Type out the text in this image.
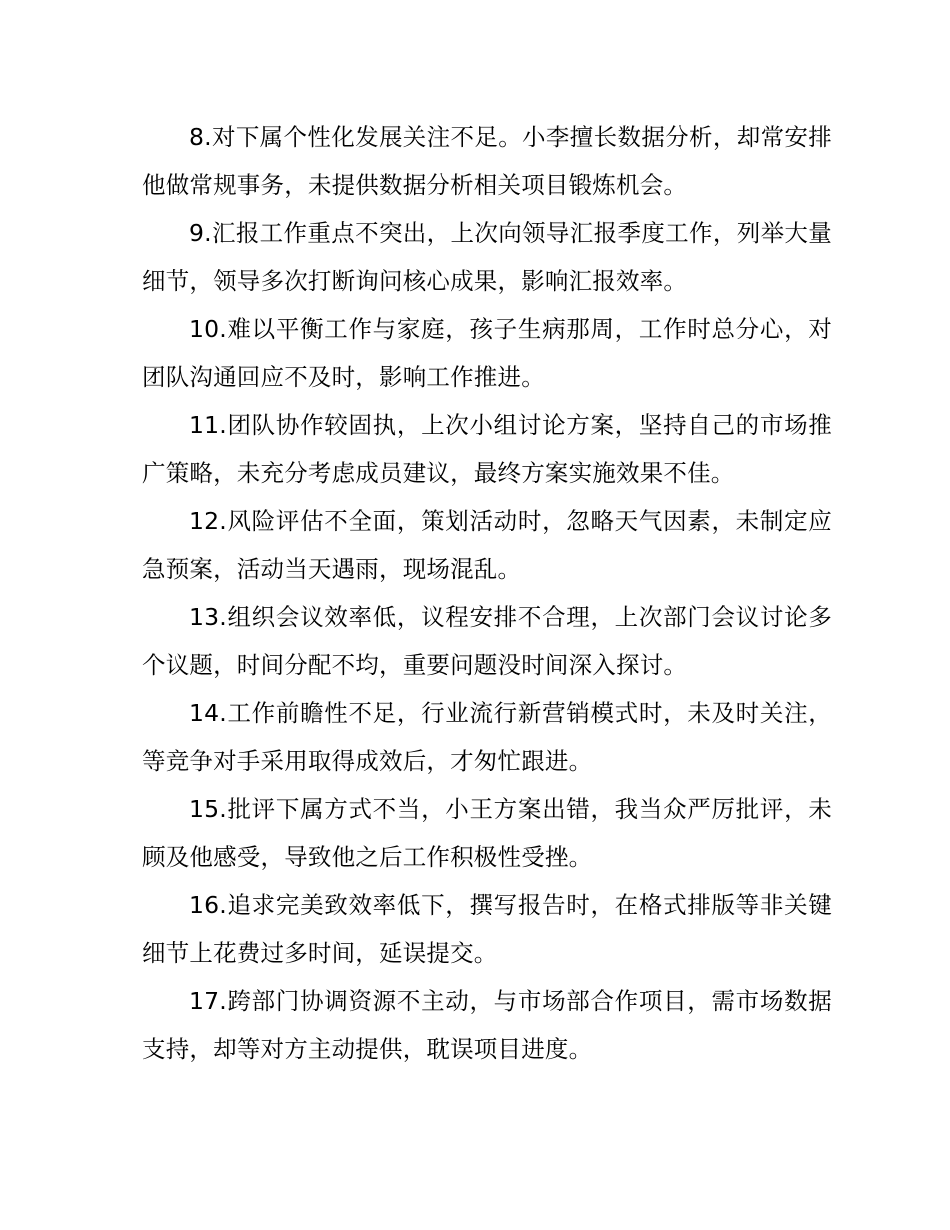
8.对下属个性化发展关注不足。小李擅长数据分析，却常安排他做常规事务，未提供数据分析相关项目锻炼机会。

9.汇报工作重点不突出，上次向领导汇报季度工作，列举大量细节，领导多次打断询问核心成果，影响汇报效率。

10.难以平衡工作与家庭，孩子生病那周，工作时总分心，对团队沟通回应不及时，影响工作推进。

11.团队协作较固执，上次小组讨论方案，坚持自己的市场推广策略，未充分考虑成员建议，最终方案实施效果不佳。

12.风险评估不全面，策划活动时，忽略天气因素，未制定应急预案，活动当天遇雨，现场混乱。

13.组织会议效率低，议程安排不合理，上次部门会议讨论多个议题，时间分配不均，重要问题没时间深入探讨。

14.工作前瞻性不足，行业流行新营销模式时，未及时关注，等竞争对手采用取得成效后，才匆忙跟进。

15.批评下属方式不当，小王方案出错，我当众严厉批评，未顾及他感受，导致他之后工作积极性受挫。

16.追求完美致效率低下，撰写报告时，在格式排版等非关键细节上花费过多时间，延误提交。

17.跨部门协调资源不主动，与市场部合作项目，需市场数据支持，却等对方主动提供，耽误项目进度。
